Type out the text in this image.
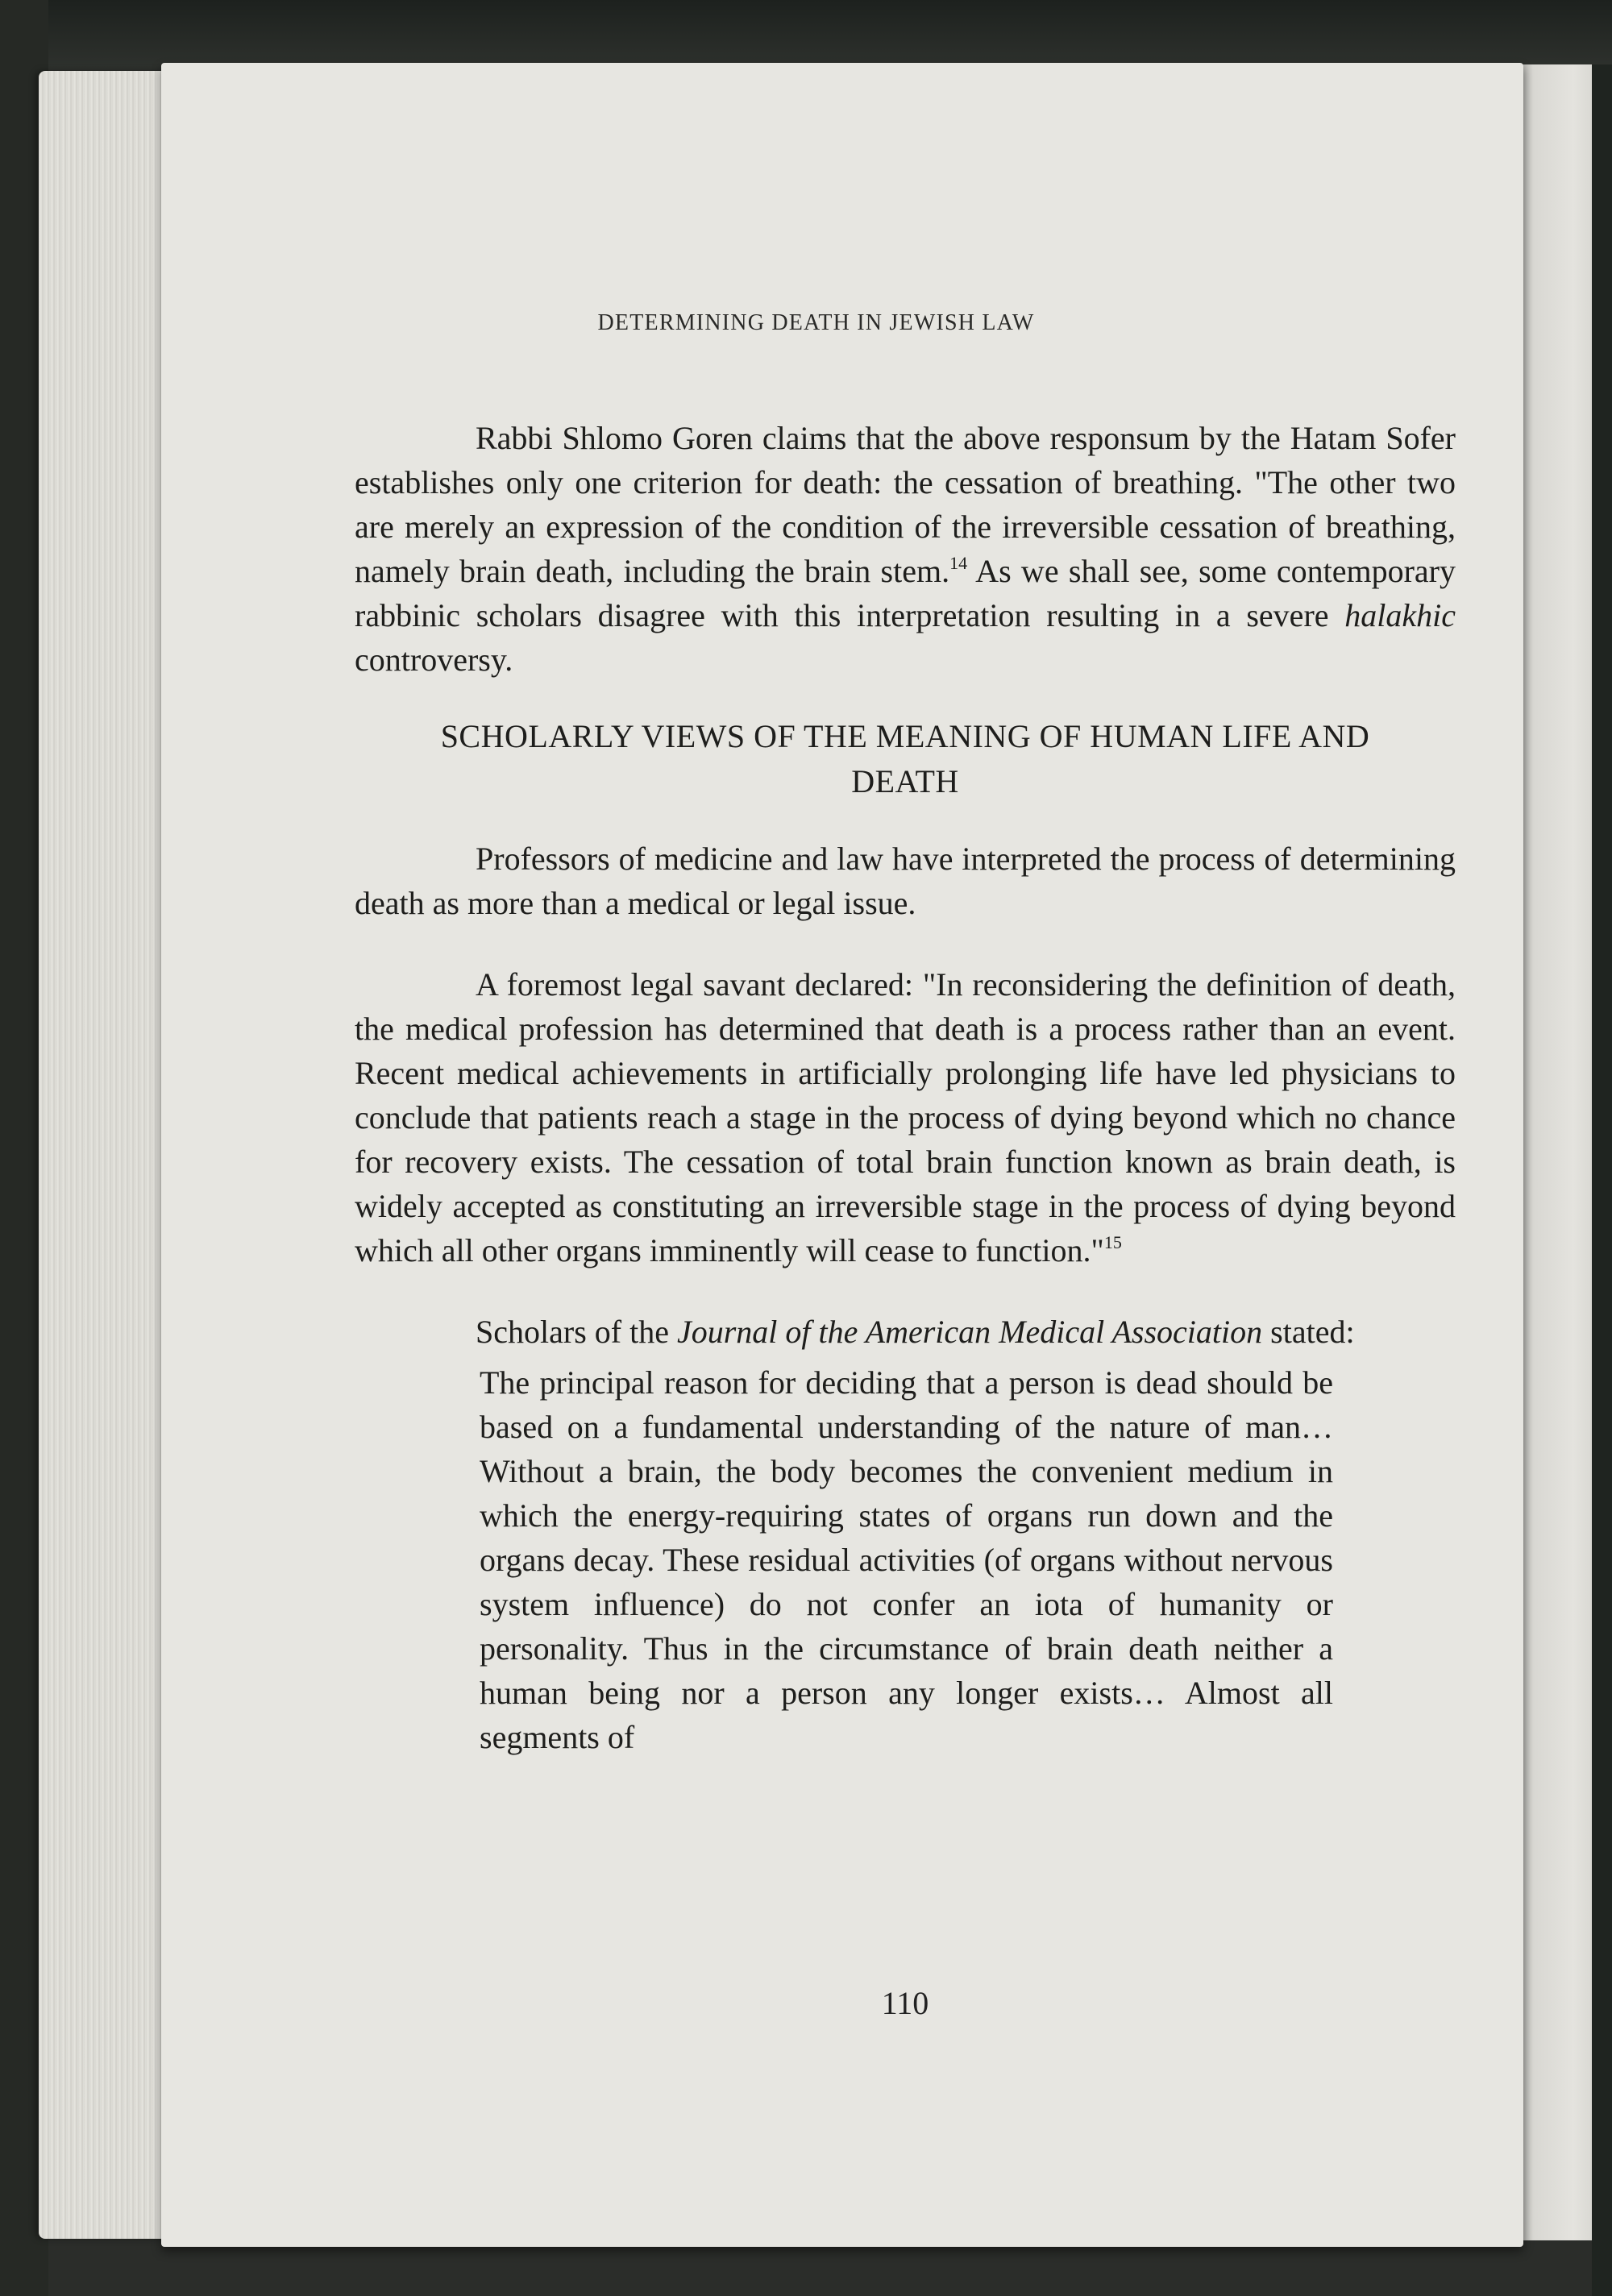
DETERMINING DEATH IN JEWISH LAW

Rabbi Shlomo Goren claims that the above responsum by the Hatam Sofer establishes only one criterion for death: the cessation of breathing. "The other two are merely an expression of the condition of the irreversible cessation of breathing, namely brain death, including the brain stem.$^{14}$ As we shall see, some contemporary rabbinic scholars disagree with this interpretation resulting in a severe halakhic controversy.

SCHOLARLY VIEWS OF THE MEANING OF HUMAN LIFE AND DEATH

Professors of medicine and law have interpreted the process of determining death as more than a medical or legal issue.

A foremost legal savant declared: "In reconsidering the definition of death, the medical profession has determined that death is a process rather than an event. Recent medical achievements in artificially prolonging life have led physicians to conclude that patients reach a stage in the process of dying beyond which no chance for recovery exists. The cessation of total brain function known as brain death, is widely accepted as constituting an irreversible stage in the process of dying beyond which all other organs imminently will cease to function."$^{15}$

Scholars of the Journal of the American Medical Association stated:

The principal reason for deciding that a person is dead should be based on a fundamental understanding of the nature of man… Without a brain, the body becomes the convenient medium in which the energy-requiring states of organs run down and the organs decay. These residual activities (of organs without nervous system influence) do not confer an iota of humanity or personality. Thus in the circumstance of brain death neither a human being nor a person any longer exists… Almost all segments of

110
